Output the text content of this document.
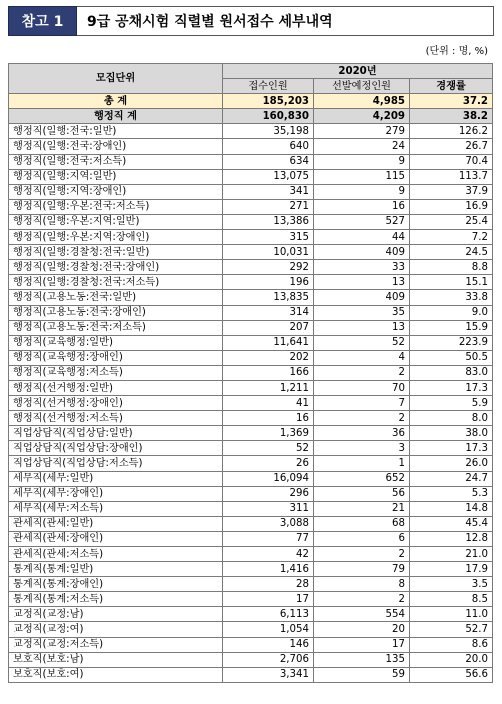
참고 1	9급 공채시험 직렬별 원서접수 세부내역
(단위 : 명, %)
모집단위	2020년		
	접수인원	선발예정인원	경쟁률
총 계	185,203	4,985	37.2
행정직 계	160,830	4,209	38.2
행정직(일행:전국:일반)	35,198	279	126.2
행정직(일행:전국:장애인)	640	24	26.7
행정직(일행:전국:저소득)	634	9	70.4
행정직(일행:지역:일반)	13,075	115	113.7
행정직(일행:지역:장애인)	341	9	37.9
행정직(일행:우본:전국:저소득)	271	16	16.9
행정직(일행:우본:지역:일반)	13,386	527	25.4
행정직(일행:우본:지역:장애인)	315	44	7.2
행정직(일행:경찰청:전국:일반)	10,031	409	24.5
행정직(일행:경찰청:전국:장애인)	292	33	8.8
행정직(일행:경찰청:전국:저소득)	196	13	15.1
행정직(고용노동:전국:일반)	13,835	409	33.8
행정직(고용노동:전국:장애인)	314	35	9.0
행정직(고용노동:전국:저소득)	207	13	15.9
행정직(교육행정:일반)	11,641	52	223.9
행정직(교육행정:장애인)	202	4	50.5
행정직(교육행정:저소득)	166	2	83.0
행정직(선거행정:일반)	1,211	70	17.3
행정직(선거행정:장애인)	41	7	5.9
행정직(선거행정:저소득)	16	2	8.0
직업상담직(직업상담:일반)	1,369	36	38.0
직업상담직(직업상담:장애인)	52	3	17.3
직업상담직(직업상담:저소득)	26	1	26.0
세무직(세무:일반)	16,094	652	24.7
세무직(세무:장애인)	296	56	5.3
세무직(세무:저소득)	311	21	14.8
관세직(관세:일반)	3,088	68	45.4
관세직(관세:장애인)	77	6	12.8
관세직(관세:저소득)	42	2	21.0
통계직(통계:일반)	1,416	79	17.9
통계직(통계:장애인)	28	8	3.5
통계직(통계:저소득)	17	2	8.5
교정직(교정:남)	6,113	554	11.0
교정직(교정:여)	1,054	20	52.7
교정직(교정:저소득)	146	17	8.6
보호직(보호:남)	2,706	135	20.0
보호직(보호:여)	3,341	59	56.6
